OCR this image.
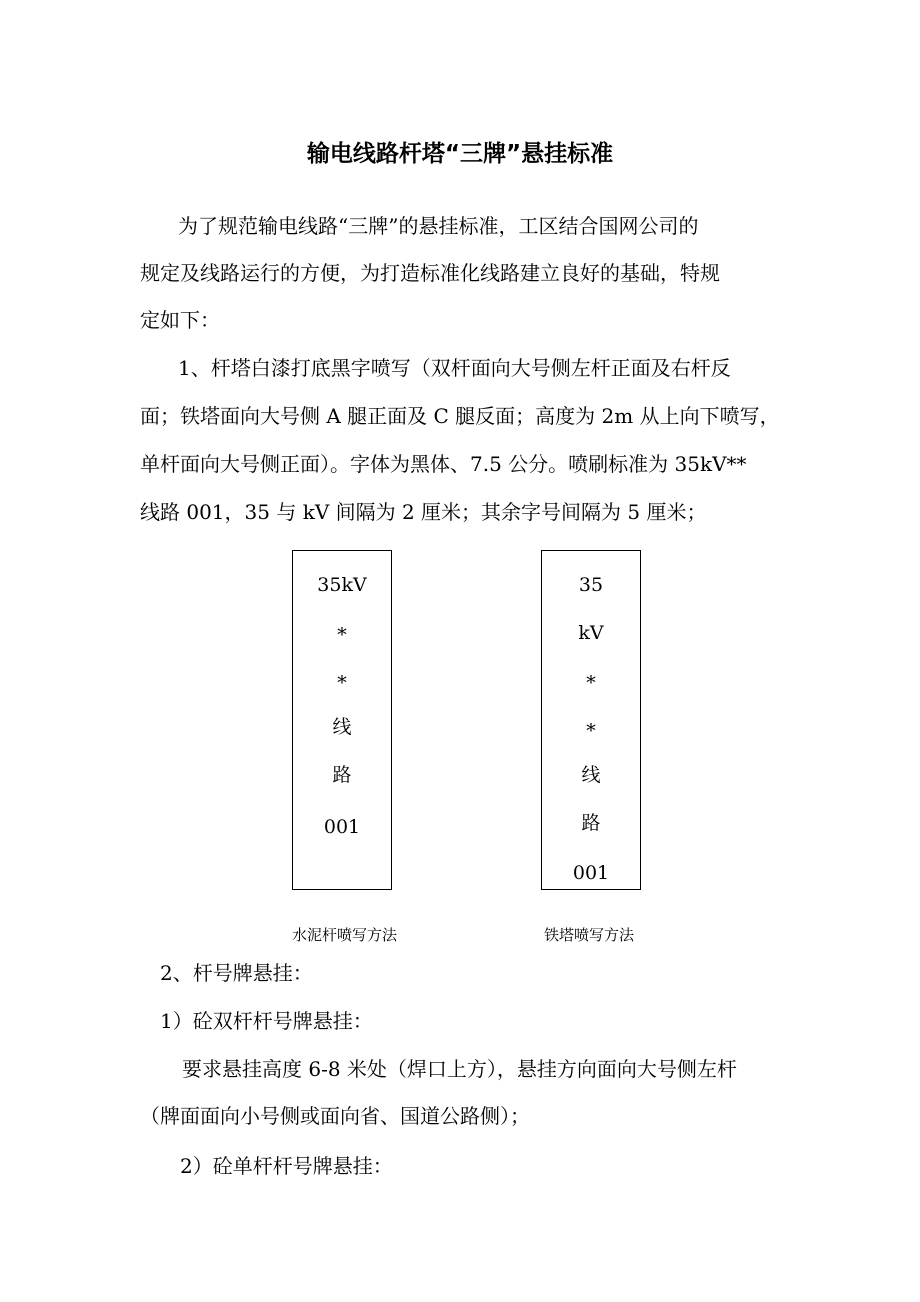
输电线路杆塔“三牌”悬挂标准

为了规范输电线路“三牌”的悬挂标准，工区结合国网公司的

规定及线路运行的方便，为打造标准化线路建立良好的基础，特规

定如下：

1、杆塔白漆打底黑字喷写（双杆面向大号侧左杆正面及右杆反

面；铁塔面向大号侧 A 腿正面及 C 腿反面；高度为 2m 从上向下喷写，

单杆面向大号侧正面）。字体为黑体、7.5 公分。喷刷标准为 35kV**

线路 001，35 与 kV 间隔为 2 厘米；其余字号间隔为 5 厘米；

35kV
*
*
线
路
001
35
kV
*
*
线
路
001
水泥杆喷写方法	铁塔喷写方法

2、杆号牌悬挂：

1）砼双杆杆号牌悬挂：

要求悬挂高度 6-8 米处（焊口上方），悬挂方向面向大号侧左杆

（牌面面向小号侧或面向省、国道公路侧）；

2）砼单杆杆号牌悬挂：
